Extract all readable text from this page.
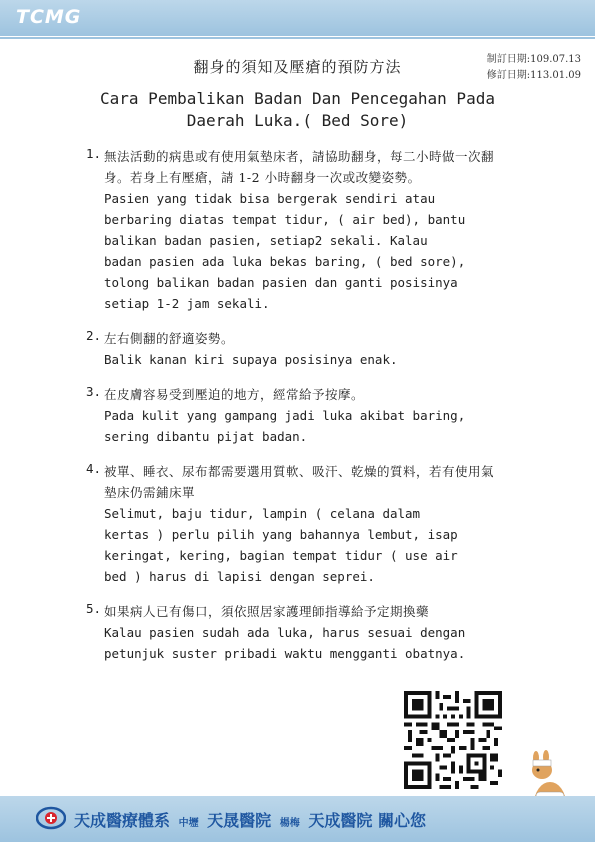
TCMG
制訂日期:109.07.13
修訂日期:113.01.09
翻身的須知及壓瘡的預防方法
Cara Pembalikan Badan Dan Pencegahan Pada
Daerah Luka.( Bed Sore)
1. 無法活動的病患或有使用氣墊床者，請協助翻身，每二小時做一次翻身。若身上有壓瘡，請 1-2 小時翻身一次或改變姿勢。
Pasien yang tidak bisa bergerak sendiri atau
berbaring diatas tempat tidur, ( air bed), bantu
balikan badan pasien, setiap2 sekali. Kalau
badan pasien ada luka bekas baring, ( bed sore),
tolong balikan badan pasien dan ganti posisinya
setiap 1-2 jam sekali.
2. 左右側翻的舒適姿勢。
Balik kanan kiri supaya posisinya enak.
3. 在皮膚容易受到壓迫的地方，經常給予按摩。
Pada kulit yang gampang jadi luka akibat baring,
sering dibantu pijat badan.
4. 被單、睡衣、尿布都需要選用質軟、吸汗、乾燥的質料，若有使用氣墊床仍需鋪床單
Selimut, baju tidur, lampin ( celana dalam
kertas ) perlu pilih yang bahannya lembut, isap
keringat, kering, bagian tempat tidur ( use air
bed ) harus di lapisi dengan seprei.
5. 如果病人已有傷口，須依照居家護理師指導給予定期換藥
Kalau pasien sudah ada luka, harus sesuai dengan
petunjuk suster pribadi waktu mengganti obatnya.
天成醫療體系 中壢 天晟醫院 楊梅 天成醫院 關心您
